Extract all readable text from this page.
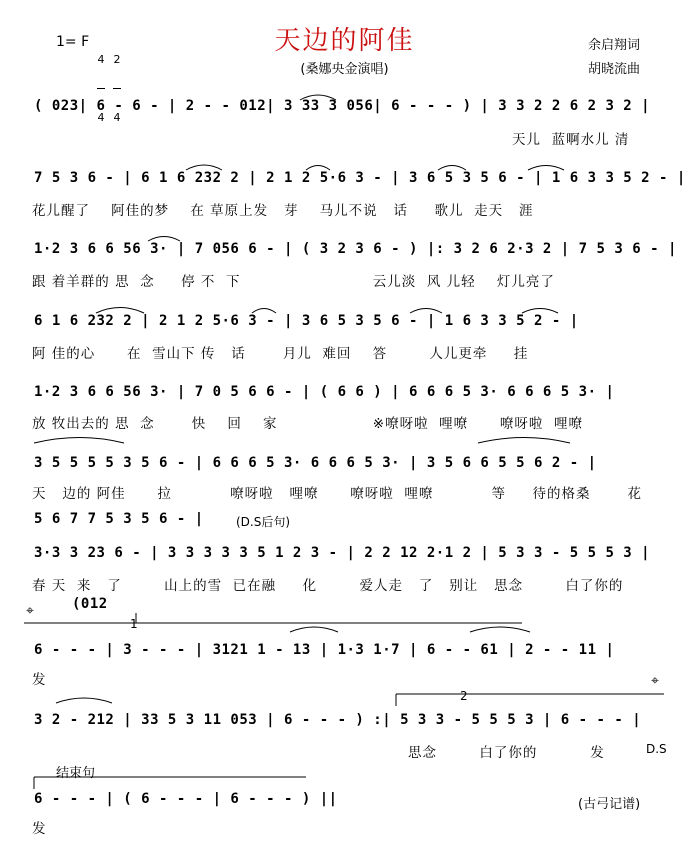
天边的阿佳
(桑娜央金演唱)
1= F

4

4

2

4

余启翔词
胡晓流曲
( 023| 6 - 6 - | 2 - - 012| 3 33 3 056| 6 - - - ) | 3 3 2 2 6 2 3 2 |
天儿  蓝啊水儿 清
7 5 3 6 - | 6 1 6 232 2 | 2 1 2 5·6 3 - | 3 6 5 3 5 6 - | 1 6 3 3 5 2 - |
花儿醒了    阿佳的梦    在 草原上发   芽    马儿不说   话     歌儿  走天   涯
1·2 3 6 6 56 3· | 7 056 6 - | ( 3 2 3 6 - ) |: 3 2 6 2·3 2 | 7 5 3 6 - |
跟 着羊群的 思  念     停 不  下                         云儿淡  风 儿轻    灯儿亮了
6 1 6 232 2 | 2 1 2 5·6 3 - | 3 6 5 3 5 6 - | 1 6 3 3 5 2 - |
阿 佳的心      在  雪山下 传   话       月儿  难回    答        人儿更牵     挂
1·2 3 6 6 56 3· | 7 0 5 6 6 - | ( 6 6 ) | 6 6 6 5 3· 6 6 6 5 3· |
放 牧出去的 思  念       快    回    家                  ※嘹呀啦  哩嘹      嘹呀啦  哩嘹
3 5 5 5 5 3 5 6 - | 6 6 6 5 3· 6 6 6 5 3· | 3 5 6 6 5 5 6 2 - |
天   边的 阿佳      拉           嘹呀啦   哩嘹      嘹呀啦  哩嘹           等     待的格桑       花
5 6 7 7 5 3 5 6 - |	(D.S后句)
3·3 3 23 6 - | 3 3 3 3 3 5 1 2 3 - | 2 2 12 2·1 2 | 5 3 3 - 5 5 5 3 |
春 天  来   了        山上的雪  已在融     化        爱人走   了   别让   思念        白了你的
⌖	(012
1
6 - - - | 3 - - - | 3121 1 - 13 | 1·3 1·7 | 6 - - 61 | 2 - - 11 |
发	⌖
2
3 2 - 212 | 33 5 3 11 053 | 6 - - - ) :| 5 3 3 - 5 5 5 3 | 6 - - - |
思念        白了你的          发	D.S
结束句
6 - - - | ( 6 - - - | 6 - - - ) ||
发
(古弓记谱)
